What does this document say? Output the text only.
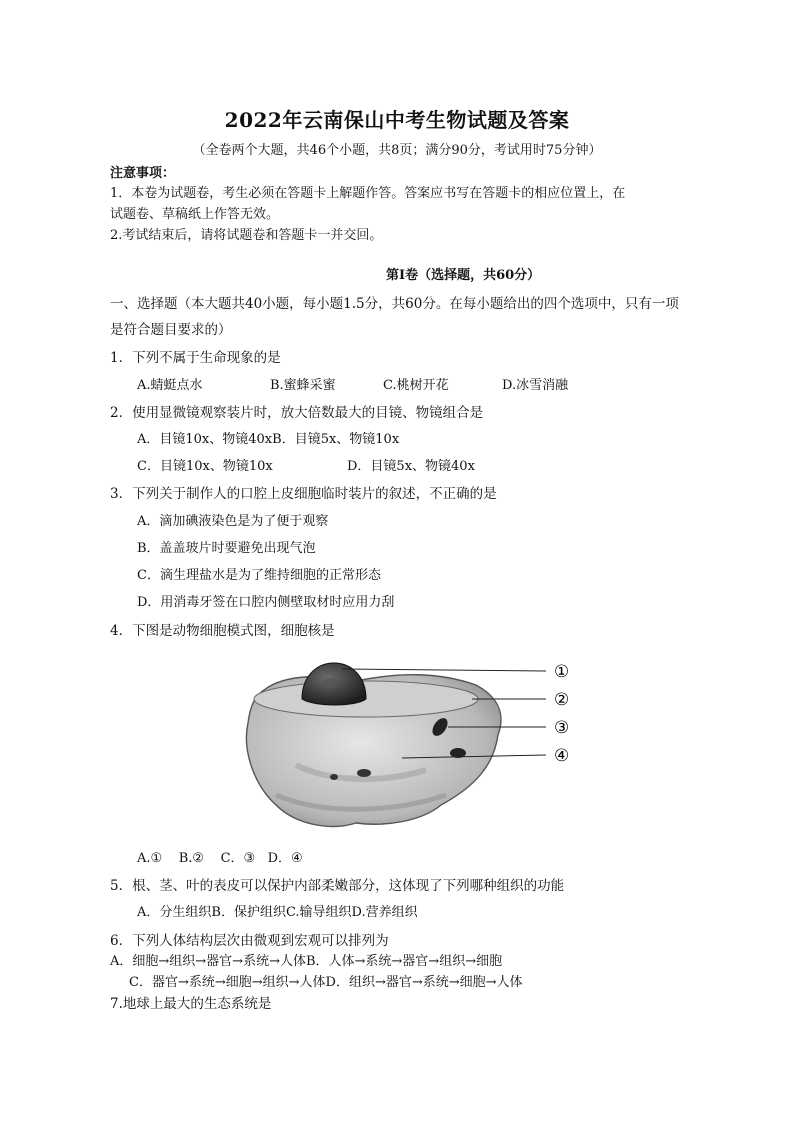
2022年云南保山中考生物试题及答案
（全卷两个大题，共46个小题，共8页；满分90分，考试用时75分钟）
注意事项：
1．本卷为试题卷，考生必须在答题卡上解题作答。答案应书写在答题卡的相应位置上，在
试题卷、草稿纸上作答无效。
2.考试结束后，请将试题卷和答题卡一并交回。
第Ⅰ卷（选择题，共60分）
一、选择题（本大题共40小题，每小题1.5分，共60分。在每小题给出的四个选项中，只有一项
是符合题目要求的）
1．下列不属于生命现象的是
A.蜻蜓点水	B.蜜蜂采蜜	C.桃树开花	D.冰雪消融
2．使用显微镜观察装片时，放大倍数最大的目镜、物镜组合是
A．目镜10x、物镜40xB．目镜5x、物镜10x
C．目镜10x、物镜10x	D．目镜5x、物镜40x
3．下列关于制作人的口腔上皮细胞临时装片的叙述，不正确的是
A．滴加碘液染色是为了便于观察
B．盖盖玻片时要避免出现气泡
C．滴生理盐水是为了维持细胞的正常形态
D．用消毒牙签在口腔内侧壁取材时应用力刮
4．下图是动物细胞模式图，细胞核是
①
②
③
④
A.①    B.②    C．③   D．④
5．根、茎、叶的表皮可以保护内部柔嫩部分，这体现了下列哪种组织的功能
A．分生组织B．保护组织C.输导组织D.营养组织
6．下列人体结构层次由微观到宏观可以排列为
A．细胞→组织→器官→系统→人体B．人体→系统→器官→组织→细胞
C．器官→系统→细胞→组织→人体D．组织→器官→系统→细胞→人体
7.地球上最大的生态系统是
